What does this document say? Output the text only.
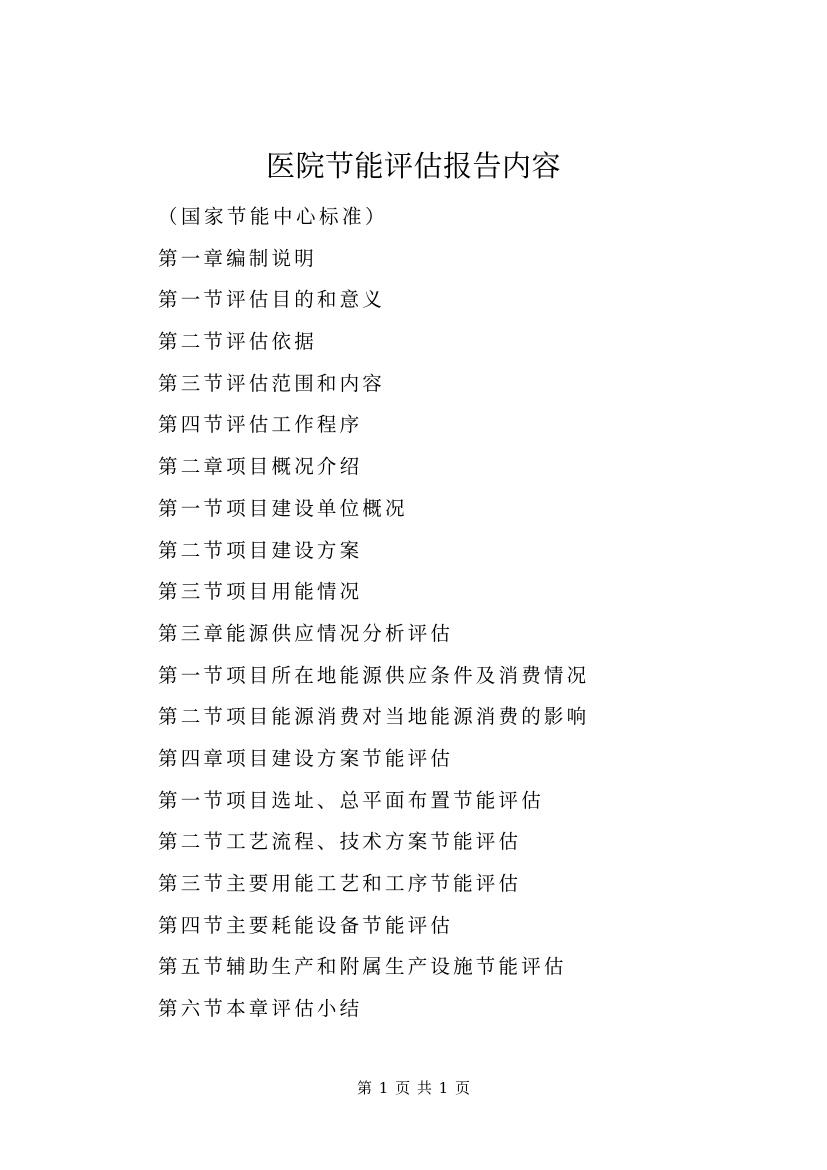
医院节能评估报告内容
（国家节能中心标准）
第一章编制说明
第一节评估目的和意义
第二节评估依据
第三节评估范围和内容
第四节评估工作程序
第二章项目概况介绍
第一节项目建设单位概况
第二节项目建设方案
第三节项目用能情况
第三章能源供应情况分析评估
第一节项目所在地能源供应条件及消费情况
第二节项目能源消费对当地能源消费的影响
第四章项目建设方案节能评估
第一节项目选址、总平面布置节能评估
第二节工艺流程、技术方案节能评估
第三节主要用能工艺和工序节能评估
第四节主要耗能设备节能评估
第五节辅助生产和附属生产设施节能评估
第六节本章评估小结
第 1 页 共 1 页
